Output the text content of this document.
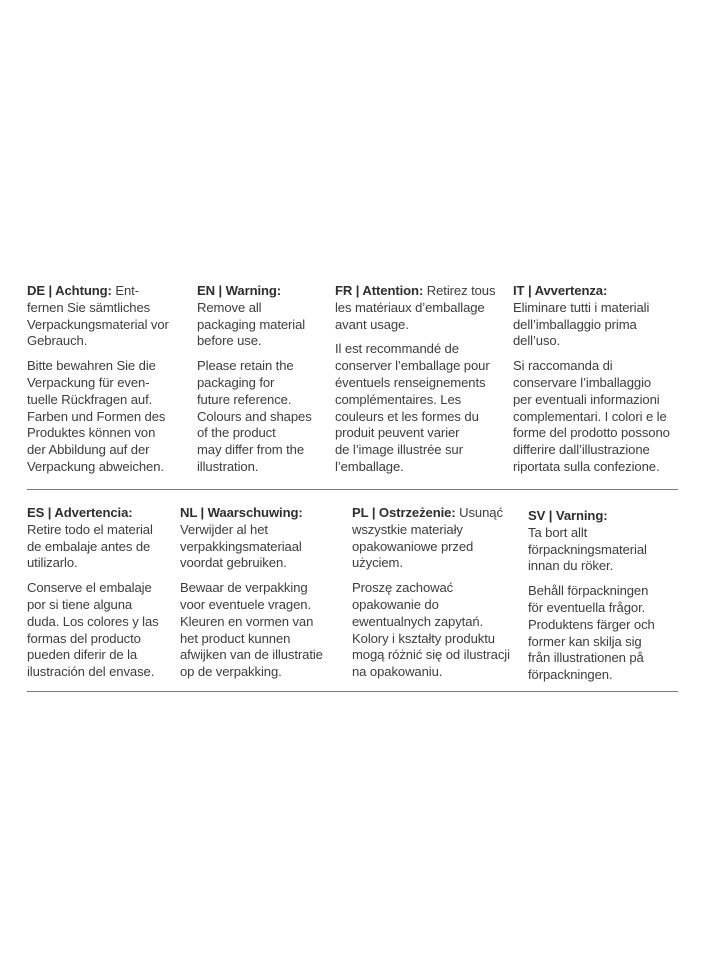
DE | Achtung: Ent-
fernen Sie sämtliches
Verpackungsmaterial vor
Gebrauch.

Bitte bewahren Sie die
Verpackung für even-
tuelle Rückfragen auf.
Farben und Formen des
Produktes können von
der Abbildung auf der
Verpackung abweichen.

EN | Warning:
Remove all
packaging material
before use.

Please retain the
packaging for
future reference.
Colours and shapes
of the product
may differ from the
illustration.

FR | Attention: Retirez tous
les matériaux d’emballage
avant usage.

Il est recommandé de
conserver l’emballage pour
éventuels renseignements
complémentaires. Les
couleurs et les formes du
produit peuvent varier
de l’image illustrée sur
l’emballage.

IT | Avvertenza:
Eliminare tutti i materiali
dell’imballaggio prima
dell’uso.

Si raccomanda di
conservare l’imballaggio
per eventuali informazioni
complementari. I colori e le
forme del prodotto possono
differire dall’illustrazione
riportata sulla confezione.

ES | Advertencia:
Retire todo el material
de embalaje antes de
utilizarlo.

Conserve el embalaje
por si tiene alguna
duda. Los colores y las
formas del producto
pueden diferir de la
ilustración del envase.

NL | Waarschuwing:
Verwijder al het
verpakkingsmateriaal
voordat gebruiken.

Bewaar de verpakking
voor eventuele vragen.
Kleuren en vormen van
het product kunnen
afwijken van de illustratie
op de verpakking.

PL | Ostrzeżenie: Usunąć
wszystkie materiały
opakowaniowe przed
użyciem.

Proszę zachować
opakowanie do
ewentualnych zapytań.
Kolory i kształty produktu
mogą różnić się od ilustracji
na opakowaniu.

SV | Varning:
Ta bort allt
förpackningsmaterial
innan du röker.

Behåll förpackningen
för eventuella frågor.
Produktens färger och
former kan skilja sig
från illustrationen på
förpackningen.
